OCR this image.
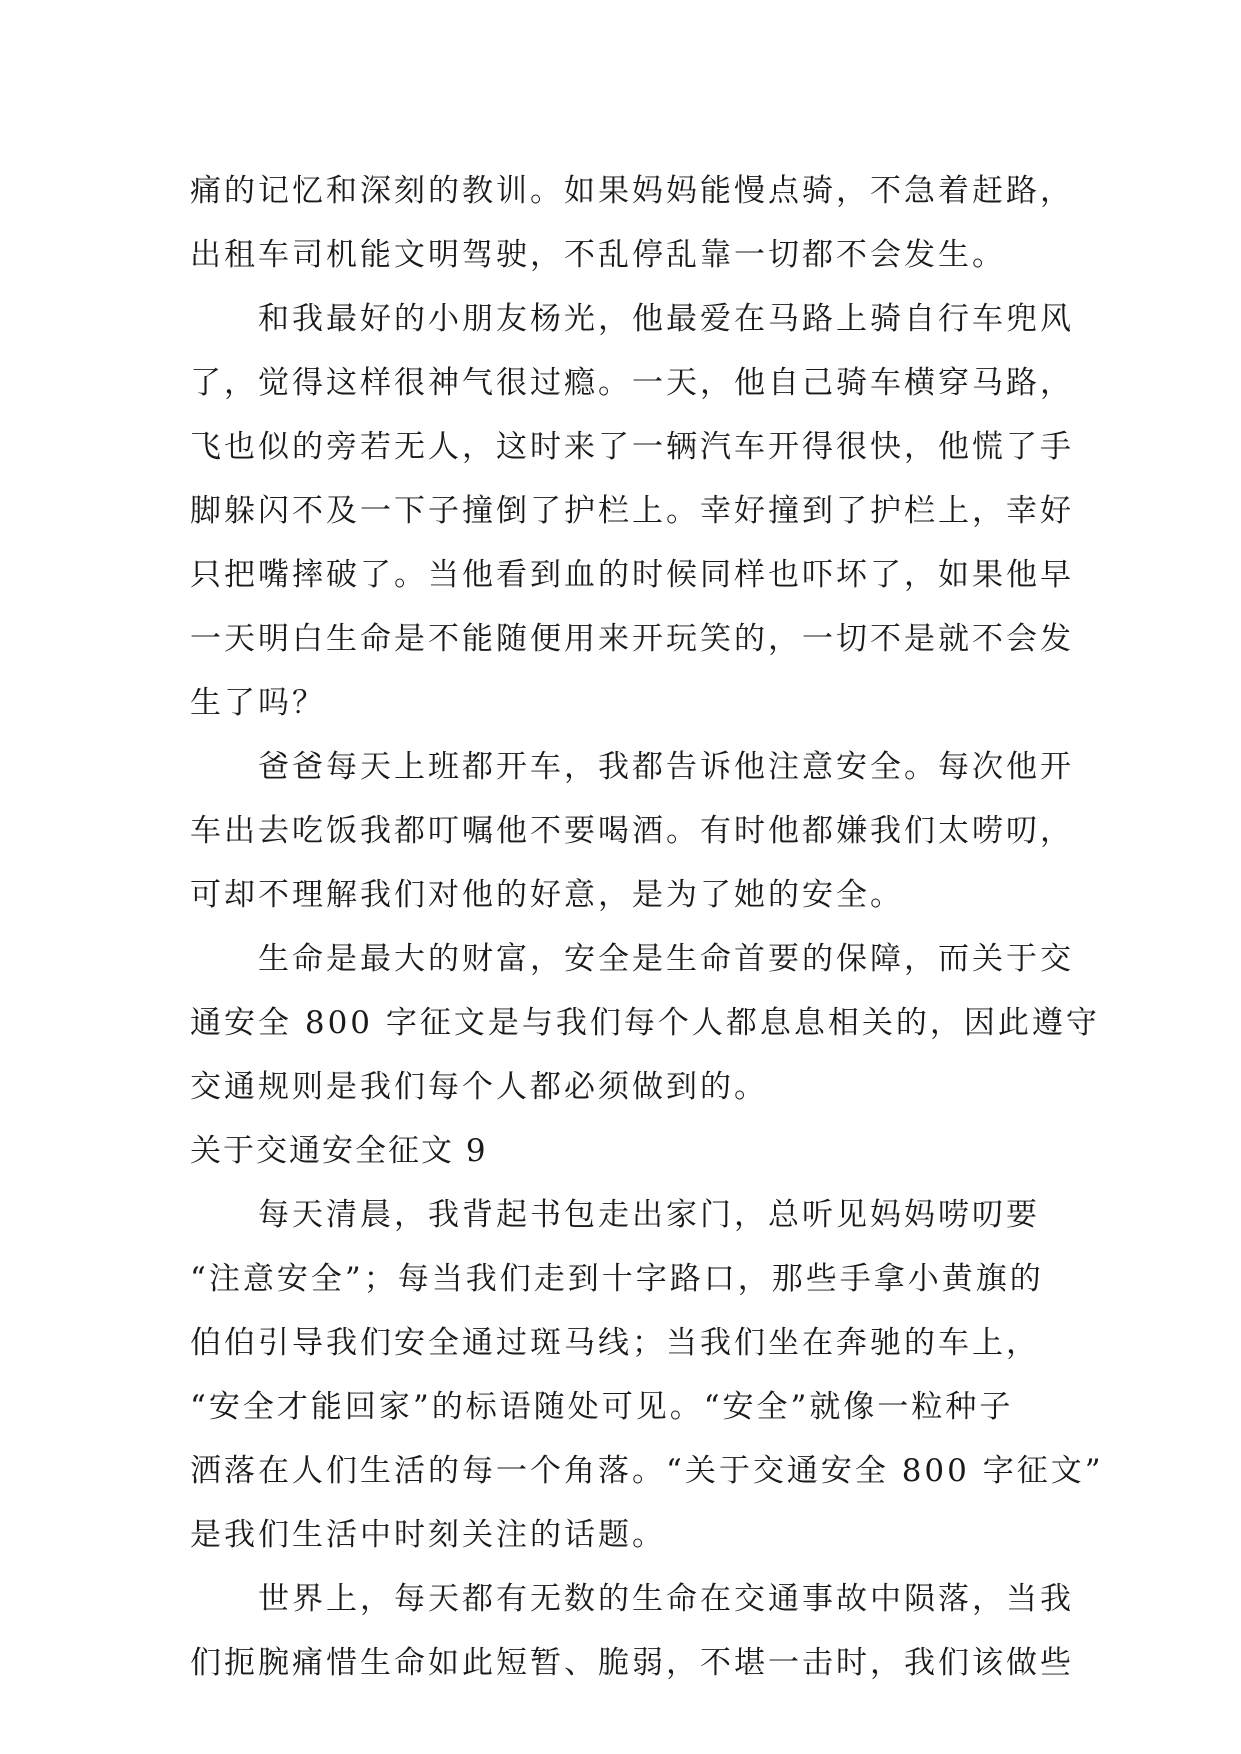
痛的记忆和深刻的教训。如果妈妈能慢点骑，不急着赶路，
出租车司机能文明驾驶，不乱停乱靠一切都不会发生。
和我最好的小朋友杨光，他最爱在马路上骑自行车兜风
了，觉得这样很神气很过瘾。一天，他自己骑车横穿马路，
飞也似的旁若无人，这时来了一辆汽车开得很快，他慌了手
脚躲闪不及一下子撞倒了护栏上。幸好撞到了护栏上，幸好
只把嘴摔破了。当他看到血的时候同样也吓坏了，如果他早
一天明白生命是不能随便用来开玩笑的，一切不是就不会发
生了吗？
爸爸每天上班都开车，我都告诉他注意安全。每次他开
车出去吃饭我都叮嘱他不要喝酒。有时他都嫌我们太唠叨，
可却不理解我们对他的好意，是为了她的安全。
生命是最大的财富，安全是生命首要的保障，而关于交
通安全 800 字征文是与我们每个人都息息相关的，因此遵守
交通规则是我们每个人都必须做到的。
关于交通安全征文 9
每天清晨，我背起书包走出家门，总听见妈妈唠叨要
“注意安全”；每当我们走到十字路口，那些手拿小黄旗的
伯伯引导我们安全通过斑马线；当我们坐在奔驰的车上，
“安全才能回家”的标语随处可见。“安全”就像一粒种子
洒落在人们生活的每一个角落。“关于交通安全 800 字征文”
是我们生活中时刻关注的话题。
世界上，每天都有无数的生命在交通事故中陨落，当我
们扼腕痛惜生命如此短暂、脆弱，不堪一击时，我们该做些
